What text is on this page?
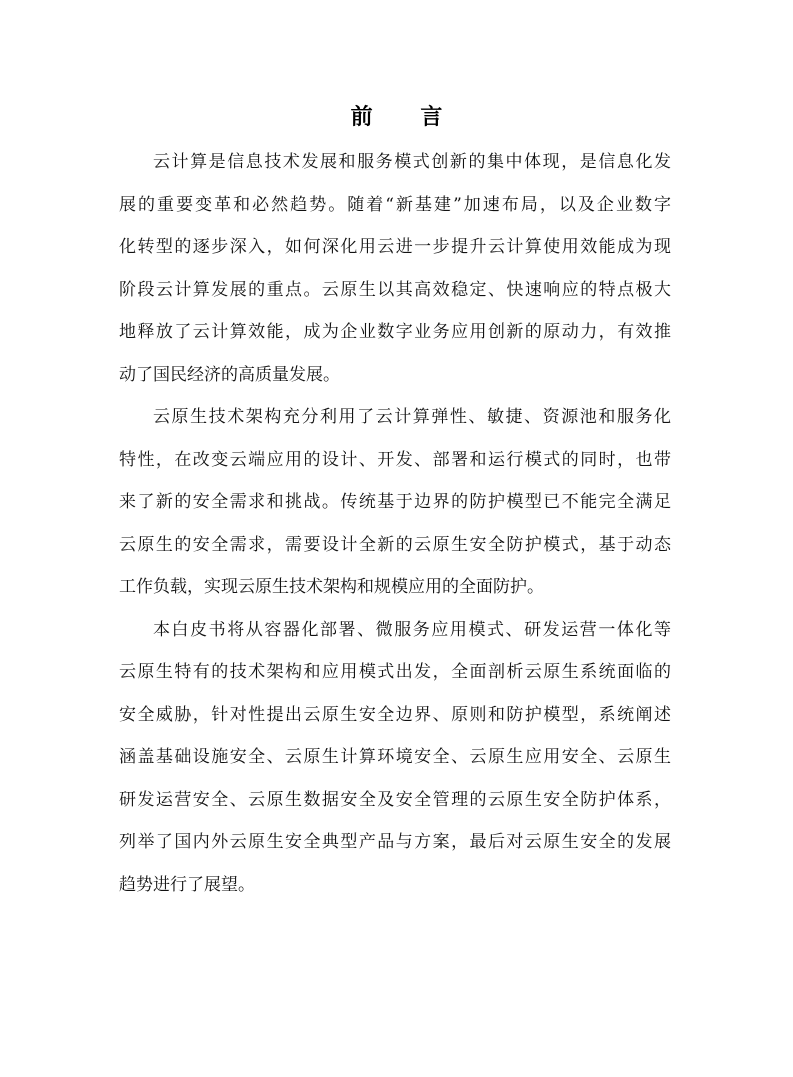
前 言
云计算是信息技术发展和服务模式创新的集中体现，是信息化发
展的重要变革和必然趋势。随着“新基建”加速布局，以及企业数字
化转型的逐步深入，如何深化用云进一步提升云计算使用效能成为现
阶段云计算发展的重点。云原生以其高效稳定、快速响应的特点极大
地释放了云计算效能，成为企业数字业务应用创新的原动力，有效推
动了国民经济的高质量发展。
云原生技术架构充分利用了云计算弹性、敏捷、资源池和服务化
特性，在改变云端应用的设计、开发、部署和运行模式的同时，也带
来了新的安全需求和挑战。传统基于边界的防护模型已不能完全满足
云原生的安全需求，需要设计全新的云原生安全防护模式，基于动态
工作负载，实现云原生技术架构和规模应用的全面防护。
本白皮书将从容器化部署、微服务应用模式、研发运营一体化等
云原生特有的技术架构和应用模式出发，全面剖析云原生系统面临的
安全威胁，针对性提出云原生安全边界、原则和防护模型，系统阐述
涵盖基础设施安全、云原生计算环境安全、云原生应用安全、云原生
研发运营安全、云原生数据安全及安全管理的云原生安全防护体系，
列举了国内外云原生安全典型产品与方案，最后对云原生安全的发展
趋势进行了展望。
